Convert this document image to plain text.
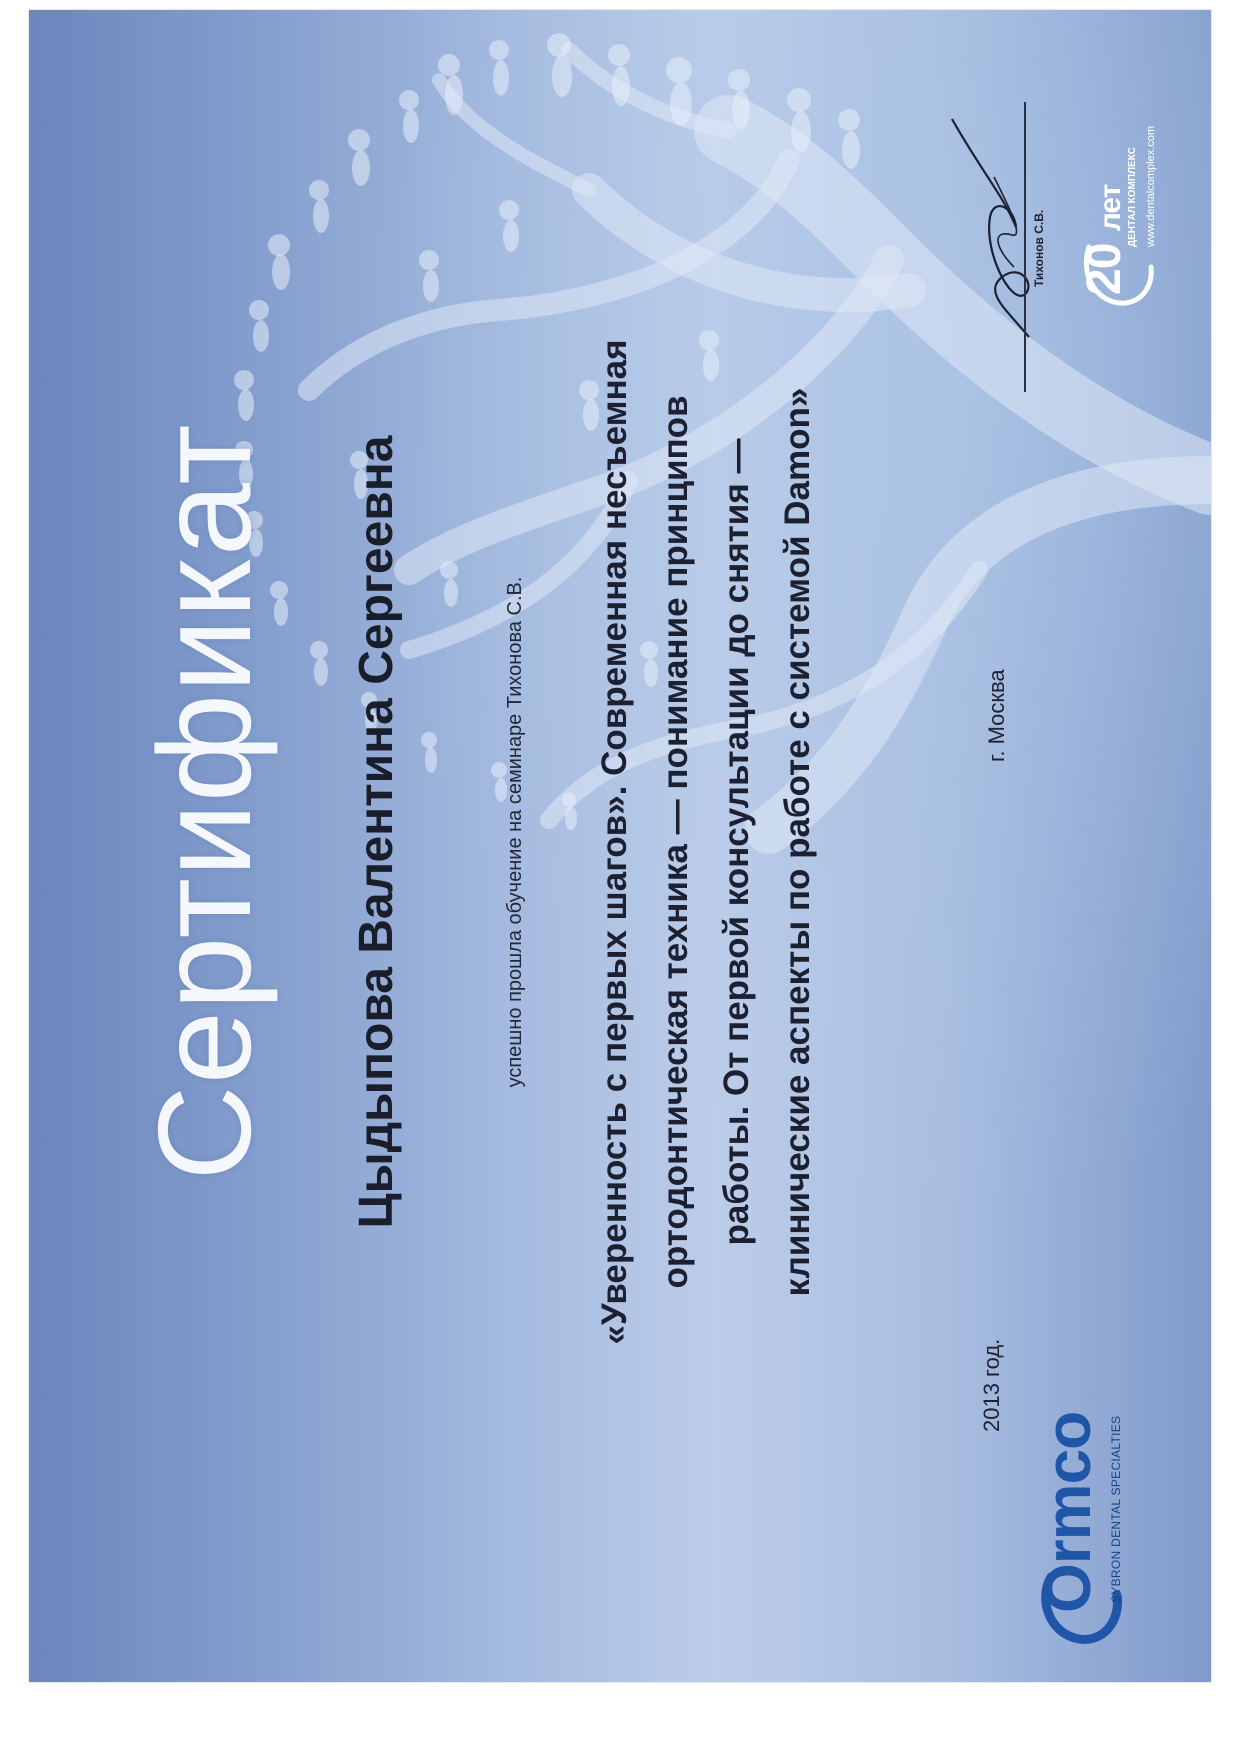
Сертификат Цыдыпова Валентина Сергеевна	успешно прошла обучение на семинаре Тихонова С.В.	«Уверенность с первых шагов». Современная несъемная ортодонтическая техника — понимание принципов работы. От первой консультации до снятия — клинические аспекты по работе с системой Damon»
2013 год.
г. Москва
Тихонов С.В.
Ormco SYBRON DENTAL SPECIALTIES
20 лет ДЕНТАЛ КОМПЛЕКС www.dentalcomplex.com
